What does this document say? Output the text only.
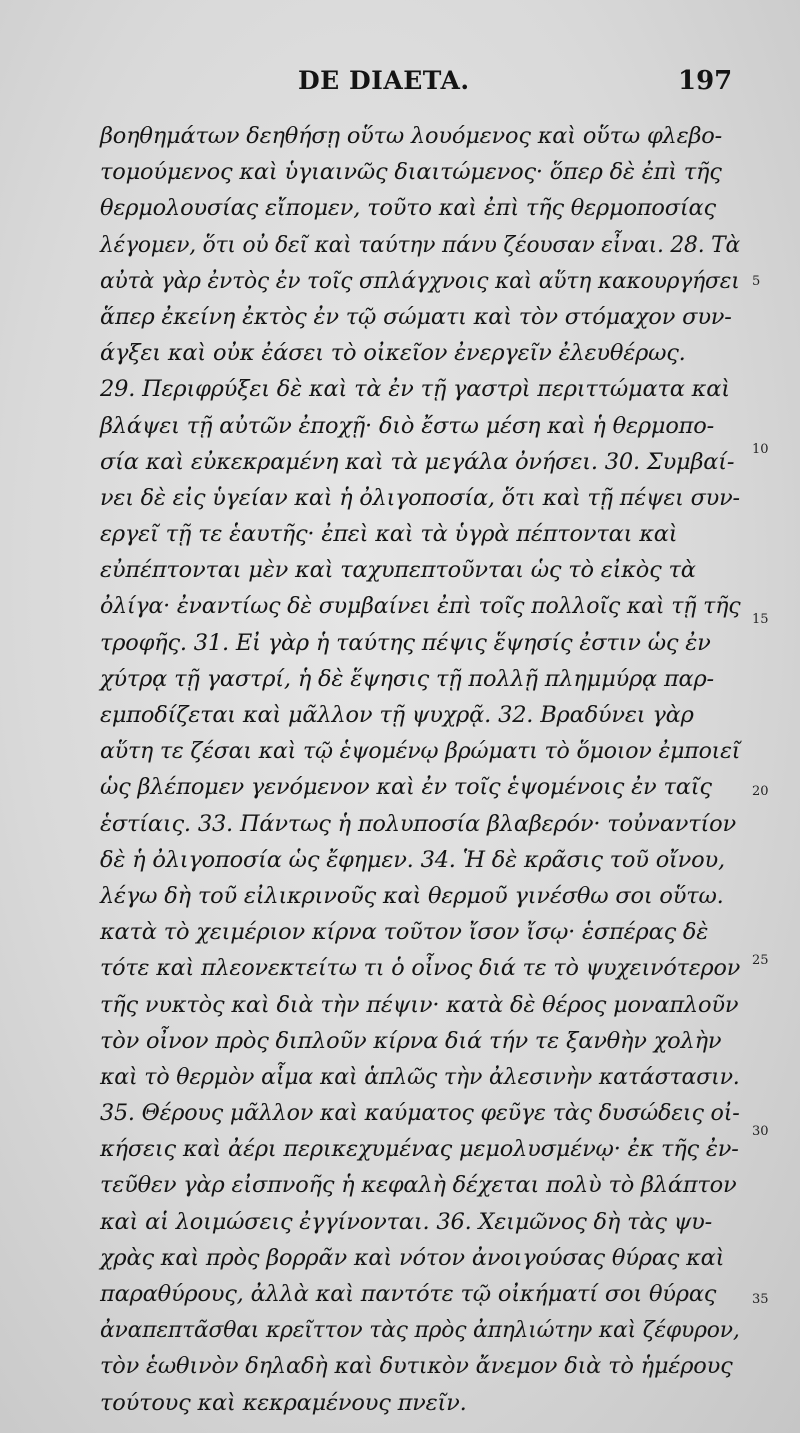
DE DIAETA.	197
βοηθημάτων δεηθήσῃ οὕτω λουόμενος καὶ οὕτω φλεβο-
τομούμενος καὶ ὑγιαινῶς διαιτώμενος· ὅπερ δὲ ἐπὶ τῆς
θερμολουσίας εἴπομεν, τοῦτο καὶ ἐπὶ τῆς θερμοποσίας
λέγομεν, ὅτι οὐ δεῖ καὶ ταύτην πάνυ ζέουσαν εἶναι. 28. Τὰ
αὐτὰ γὰρ ἐντὸς ἐν τοῖς σπλάγχνοις καὶ αὕτη κακουργήσει
ἅπερ ἐκείνη ἐκτὸς ἐν τῷ σώματι καὶ τὸν στόμαχον συν-
άγξει καὶ οὐκ ἐάσει τὸ οἰκεῖον ἐνεργεῖν ἐλευθέρως.
29. Περιφρύξει δὲ καὶ τὰ ἐν τῇ γαστρὶ περιττώματα καὶ
βλάψει τῇ αὐτῶν ἐποχῇ· διὸ ἔστω μέση καὶ ἡ θερμοπο-
σία καὶ εὐκεκραμένη καὶ τὰ μεγάλα ὀνήσει. 30. Συμβαί-
νει δὲ εἰς ὑγείαν καὶ ἡ ὀλιγοποσία, ὅτι καὶ τῇ πέψει συν-
εργεῖ τῇ τε ἑαυτῆς· ἐπεὶ καὶ τὰ ὑγρὰ πέπτονται καὶ
εὐπέπτονται μὲν καὶ ταχυπεπτοῦνται ὡς τὸ εἰκὸς τὰ
ὀλίγα· ἐναντίως δὲ συμβαίνει ἐπὶ τοῖς πολλοῖς καὶ τῇ τῆς
τροφῆς. 31. Εἰ γὰρ ἡ ταύτης πέψις ἕψησίς ἐστιν ὡς ἐν
χύτρᾳ τῇ γαστρί, ἡ δὲ ἕψησις τῇ πολλῇ πλημμύρᾳ παρ-
εμποδίζεται καὶ μᾶλλον τῇ ψυχρᾷ. 32. Βραδύνει γὰρ
αὕτη τε ζέσαι καὶ τῷ ἑψομένῳ βρώματι τὸ ὅμοιον ἐμποιεῖ
ὡς βλέπομεν γενόμενον καὶ ἐν τοῖς ἑψομένοις ἐν ταῖς
ἑστίαις. 33. Πάντως ἡ πολυποσία βλαβερόν· τοὐναντίον
δὲ ἡ ὀλιγοποσία ὡς ἔφημεν. 34. Ἡ δὲ κρᾶσις τοῦ οἴνου,
λέγω δὴ τοῦ εἰλικρινοῦς καὶ θερμοῦ γινέσθω σοι οὕτω.
κατὰ τὸ χειμέριον κίρνα τοῦτον ἴσον ἴσῳ· ἑσπέρας δὲ
τότε καὶ πλεονεκτείτω τι ὁ οἶνος διά τε τὸ ψυχεινότερον
τῆς νυκτὸς καὶ διὰ τὴν πέψιν· κατὰ δὲ θέρος μοναπλοῦν
τὸν οἶνον πρὸς διπλοῦν κίρνα διά τήν τε ξανθὴν χολὴν
καὶ τὸ θερμὸν αἷμα καὶ ἁπλῶς τὴν ἀλεσινὴν κατάστασιν.
35. Θέρους μᾶλλον καὶ καύματος φεῦγε τὰς δυσώδεις οἰ-
κήσεις καὶ ἀέρι περικεχυμένας μεμολυσμένῳ· ἐκ τῆς ἐν-
τεῦθεν γὰρ εἰσπνοῆς ἡ κεφαλὴ δέχεται πολὺ τὸ βλάπτον
καὶ αἱ λοιμώσεις ἐγγίνονται. 36. Χειμῶνος δὴ τὰς ψυ-
χρὰς καὶ πρὸς βορρᾶν καὶ νότον ἀνοιγούσας θύρας καὶ
παραθύρους, ἀλλὰ καὶ παντότε τῷ οἰκήματί σοι θύρας
ἀναπεπτᾶσθαι κρεῖττον τὰς πρὸς ἀπηλιώτην καὶ ζέφυρον,
τὸν ἑωθινὸν δηλαδὴ καὶ δυτικὸν ἄνεμον διὰ τὸ ἡμέρους
τούτους καὶ κεκραμένους πνεῖν.
5
10
15
20
25
30
35
